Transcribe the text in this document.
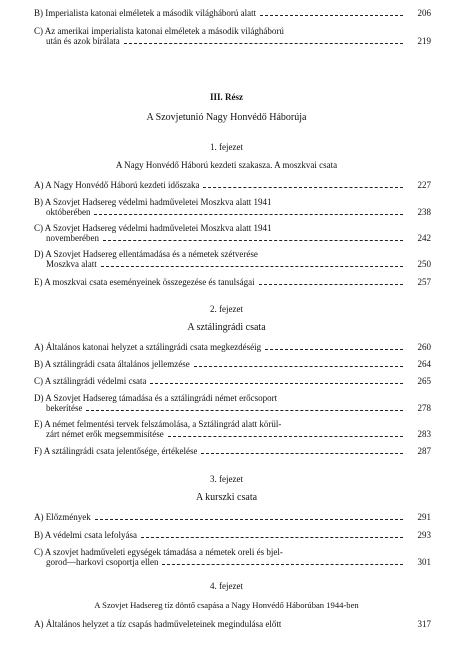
B) Imperialista katonai elméletek a második világháború alatt	206
C) Az amerikai imperialista katonai elméletek a második világháború
után és azok bírálata	219
III. Rész
A Szovjetunió Nagy Honvédő Háborúja
1. fejezet
A Nagy Honvédő Háború kezdeti szakasza. A moszkvai csata
A) A Nagy Honvédő Háború kezdeti időszaka	227
B) A Szovjet Hadsereg védelmi hadműveletei Moszkva alatt 1941
októberében	238
C) A Szovjet Hadsereg védelmi hadműveletei Moszkva alatt 1941
novemberében	242
D) A Szovjet Hadsereg ellentámadása és a németek szétverése
Moszkva alatt	250
E) A moszkvai csata eseményeinek összegezése és tanulságai	257
2. fejezet
A sztálingrádi csata
A) Általános katonai helyzet a sztálingrádi csata megkezdéséig	260
B) A sztálingrádi csata általános jellemzése	264
C) A sztálingrádi védelmi csata	265
D) A Szovjet Hadsereg támadása és a sztálingrádi német erőcsoport
bekerítése	278
E) A német felmentési tervek felszámolása, a Sztálingrád alatt körül-
zárt német erők megsemmisítése	283
F) A sztálingrádi csata jelentősége, értékelése	287
3. fejezet
A kurszki csata
A) Előzmények	291
B) A védelmi csata lefolyása	293
C) A szovjet hadműveleti egységek támadása a németek oreli és bjel-
gorod—harkovi csoportja ellen	301
4. fejezet
A Szovjet Hadsereg tíz döntő csapása a Nagy Honvédő Háborúban 1944-ben
A) Általános helyzet a tíz csapás hadműveleteinek megindulása előtt	317
